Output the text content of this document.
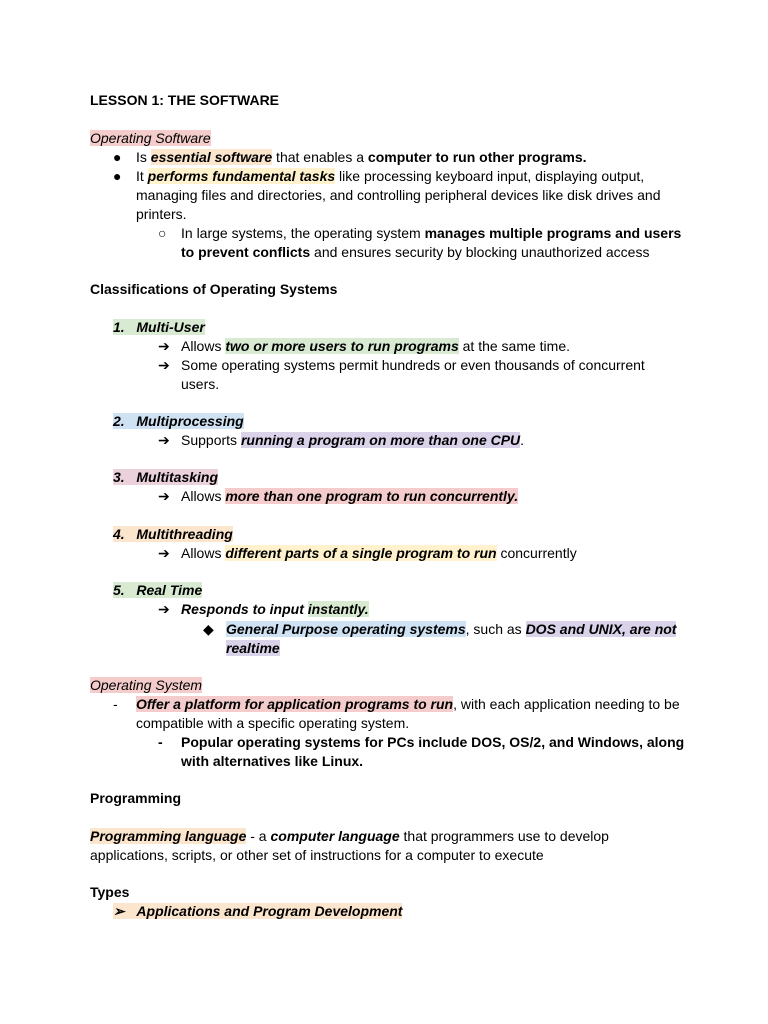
LESSON 1: THE SOFTWARE
Operating Software
● Is essential software that enables a computer to run other programs.
● It performs fundamental tasks like processing keyboard input, displaying output,
managing files and directories, and controlling peripheral devices like disk drives and
printers.
○ In large systems, the operating system manages multiple programs and users
to prevent conflicts and ensures security by blocking unauthorized access
Classifications of Operating Systems
1. Multi-User
➔ Allows two or more users to run programs at the same time.
➔ Some operating systems permit hundreds or even thousands of concurrent
users.
2. Multiprocessing
➔ Supports running a program on more than one CPU.
3. Multitasking
➔ Allows more than one program to run concurrently.
4. Multithreading
➔ Allows different parts of a single program to run concurrently
5. Real Time
➔ Responds to input instantly.
◆ General Purpose operating systems, such as DOS and UNIX, are not
realtime
Operating System
- Offer a platform for application programs to run, with each application needing to be
compatible with a specific operating system.
- Popular operating systems for PCs include DOS, OS/2, and Windows, along
with alternatives like Linux.
Programming
Programming language - a computer language that programmers use to develop
applications, scripts, or other set of instructions for a computer to execute
Types
➢ Applications and Program Development
